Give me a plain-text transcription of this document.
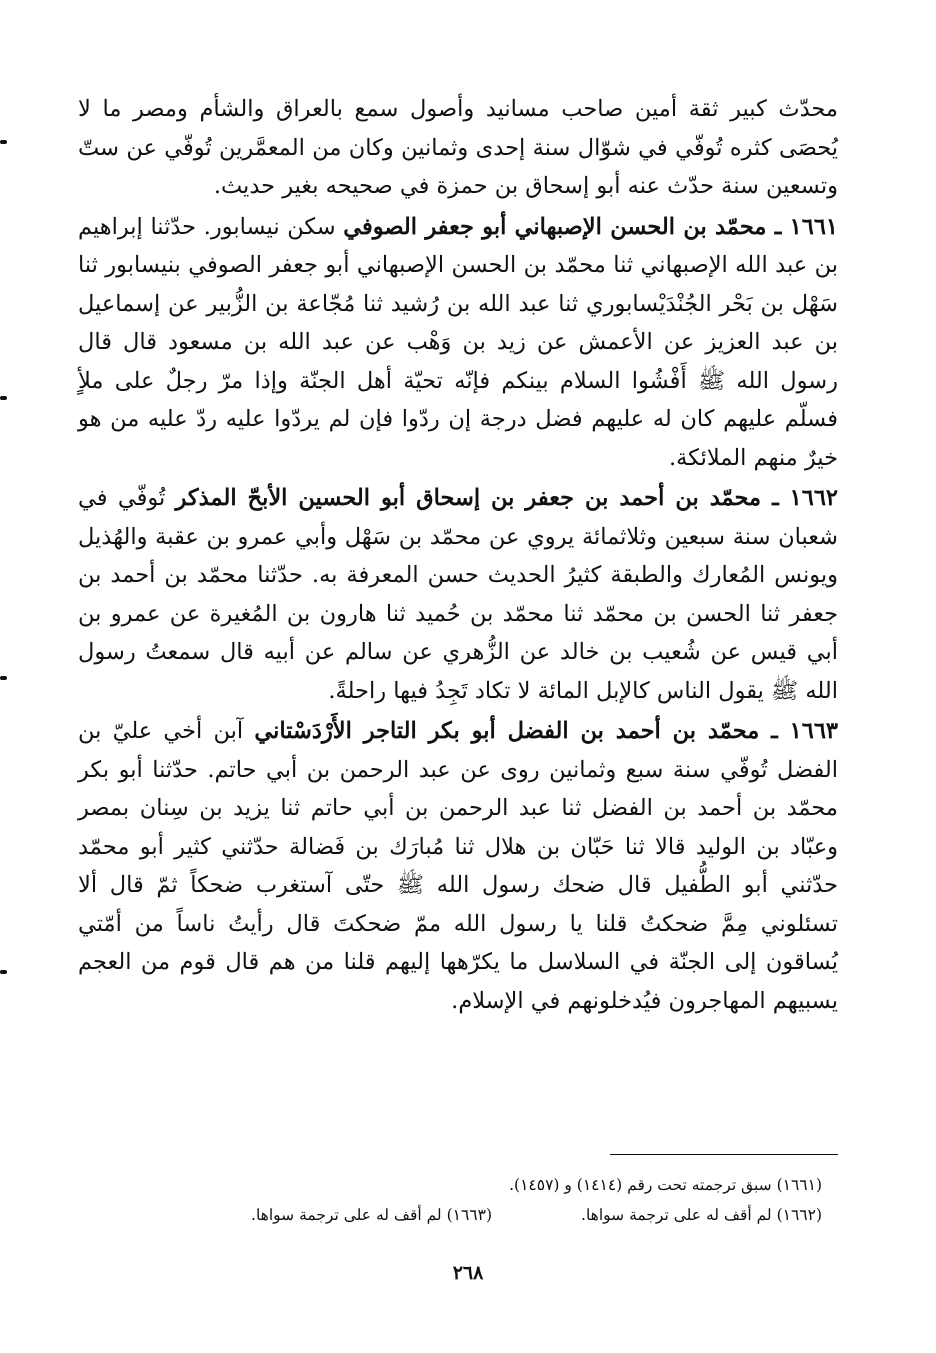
محدّث كبير ثقة أمين صاحب مسانيد وأصول سمع بالعراق والشأم ومصر ما لا يُحصَى كثره تُوفّي في شوّال سنة إحدى وثمانين وكان من المعمَّرين تُوفّي عن ستّ وتسعين سنة حدّث عنه أبو إسحاق بن حمزة في صحيحه بغير حديث.

١٦٦١ ـ محمّد بن الحسن الإصبهاني أبو جعفر الصوفي سكن نيسابور. حدّثنا إبراهيم بن عبد الله الإصبهاني ثنا محمّد بن الحسن الإصبهاني أبو جعفر الصوفي بنيسابور ثنا سَهْل بن بَحْر الجُنْدَيْسابوري ثنا عبد الله بن رُشيد ثنا مُجّاعة بن الزُّبير عن إسماعيل بن عبد العزيز عن الأعمش عن زيد بن وَهْب عن عبد الله بن مسعود قال قال رسول الله ﷺ أَفْشُوا السلام بينكم فإنّه تحيّة أهل الجنّة وإذا مرّ رجلٌ على ملأٍ فسلّم عليهم كان له عليهم فضل درجة إن ردّوا فإن لم يردّوا عليه ردّ عليه من هو خيرٌ منهم الملائكة.

١٦٦٢ ـ محمّد بن أحمد بن جعفر بن إسحاق أبو الحسين الأبحّ المذكر تُوفّي في شعبان سنة سبعين وثلاثمائة يروي عن محمّد بن سَهْل وأبي عمرو بن عقبة والهُذيل ويونس المُعارك والطبقة كثيرُ الحديث حسن المعرفة به. حدّثنا محمّد بن أحمد بن جعفر ثنا الحسن بن محمّد ثنا محمّد بن حُميد ثنا هارون بن المُغيرة عن عمرو بن أبي قيس عن شُعيب بن خالد عن الزُّهري عن سالم عن أبيه قال سمعتُ رسول الله ﷺ يقول الناس كالإبل المائة لا تكاد تَجِدُ فيها راحلةً.

١٦٦٣ ـ محمّد بن أحمد بن الفضل أبو بكر التاجر الأَرْدَسْتاني آبن أخي عليّ بن الفضل تُوفّي سنة سبع وثمانين روى عن عبد الرحمن بن أبي حاتم. حدّثنا أبو بكر محمّد بن أحمد بن الفضل ثنا عبد الرحمن بن أبي حاتم ثنا يزيد بن سِنان بمصر وعبّاد بن الوليد قالا ثنا حَبّان بن هلال ثنا مُبارَك بن فَضالة حدّثني كثير أبو محمّد حدّثني أبو الطُّفيل قال ضحك رسول الله ﷺ حتّى آستغرب ضحكاً ثمّ قال ألا تسئلوني مِمَّ ضحكتُ قلنا يا رسول الله ممّ ضحكتَ قال رأيتُ ناساً من أمّتي يُساقون إلى الجنّة في السلاسل ما يكرّهها إليهم قلنا من هم قال قوم من العجم يسبيهم المهاجرون فيُدخلونهم في الإسلام.

(١٦٦١) سبق ترجمته تحت رقم (١٤١٤) و (١٤٥٧).
(١٦٦٢) لم أقف له على ترجمة سواها.
(١٦٦٣) لم أقف له على ترجمة سواها.
٢٦٨
